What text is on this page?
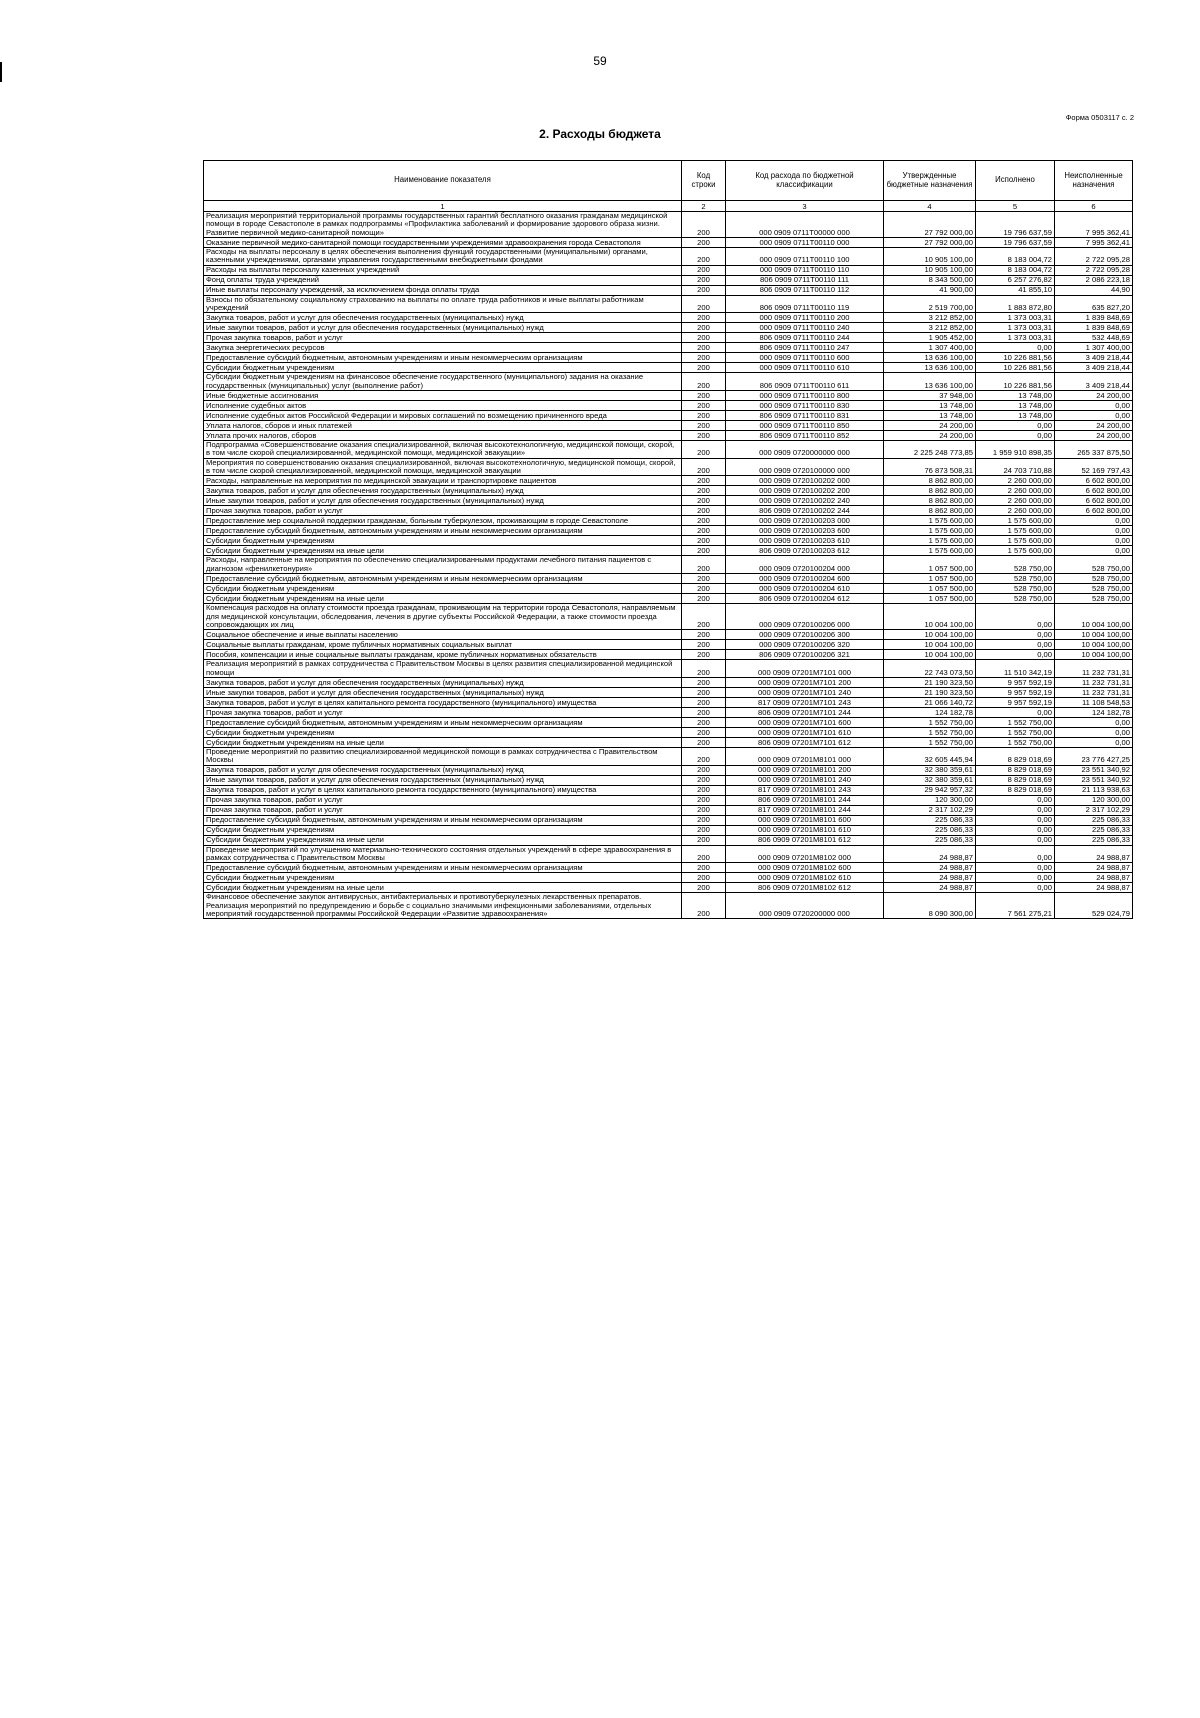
59
Форма 0503117 с. 2
2. Расходы бюджета
Наименование показателя	Код строки	Код расхода по бюджетной классификации	Утвержденные бюджетные назначения	Исполнено	Неисполненные назначения
1	2	3	4	5	6
Реализация мероприятий территориальной программы государственных гарантий бесплатного оказания гражданам медицинской помощи в городе Севастополе в рамках подпрограммы «Профилактика заболеваний и формирование здорового образа жизни. Развитие первичной медико-санитарной помощи»	200	000 0909 0711T00000 000	27 792 000,00	19 796 637,59	7 995 362,41
Оказание первичной медико-санитарной помощи государственными учреждениями здравоохранения города Севастополя	200	000 0909 0711T00110 000	27 792 000,00	19 796 637,59	7 995 362,41
Расходы на выплаты персоналу в целях обеспечения выполнения функций государственными (муниципальными) органами, казенными учреждениями, органами управления государственными внебюджетными фондами	200	000 0909 0711T00110 100	10 905 100,00	8 183 004,72	2 722 095,28
Расходы на выплаты персоналу казенных учреждений	200	000 0909 0711T00110 110	10 905 100,00	8 183 004,72	2 722 095,28
Фонд оплаты труда учреждений	200	806 0909 0711T00110 111	8 343 500,00	6 257 276,82	2 086 223,18
Иные выплаты персоналу учреждений, за исключением фонда оплаты труда	200	806 0909 0711T00110 112	41 900,00	41 855,10	44,90
Взносы по обязательному социальному страхованию на выплаты по оплате труда работников и иные выплаты работникам учреждений	200	806 0909 0711T00110 119	2 519 700,00	1 883 872,80	635 827,20
Закупка товаров, работ и услуг для обеспечения государственных (муниципальных) нужд	200	000 0909 0711T00110 200	3 212 852,00	1 373 003,31	1 839 848,69
Иные закупки товаров, работ и услуг для обеспечения государственных (муниципальных) нужд	200	000 0909 0711T00110 240	3 212 852,00	1 373 003,31	1 839 848,69
Прочая закупка товаров, работ и услуг	200	806 0909 0711T00110 244	1 905 452,00	1 373 003,31	532 448,69
Закупка энергетических ресурсов	200	806 0909 0711T00110 247	1 307 400,00	0,00	1 307 400,00
Предоставление субсидий бюджетным, автономным учреждениям и иным некоммерческим организациям	200	000 0909 0711T00110 600	13 636 100,00	10 226 881,56	3 409 218,44
Субсидии бюджетным учреждениям	200	000 0909 0711T00110 610	13 636 100,00	10 226 881,56	3 409 218,44
Субсидии бюджетным учреждениям на финансовое обеспечение государственного (муниципального) задания на оказание государственных (муниципальных) услуг (выполнение работ)	200	806 0909 0711T00110 611	13 636 100,00	10 226 881,56	3 409 218,44
Иные бюджетные ассигнования	200	000 0909 0711T00110 800	37 948,00	13 748,00	24 200,00
Исполнение судебных актов	200	000 0909 0711T00110 830	13 748,00	13 748,00	0,00
Исполнение судебных актов Российской Федерации и мировых соглашений по возмещению причиненного вреда	200	806 0909 0711T00110 831	13 748,00	13 748,00	0,00
Уплата налогов, сборов и иных платежей	200	000 0909 0711T00110 850	24 200,00	0,00	24 200,00
Уплата прочих налогов, сборов	200	806 0909 0711T00110 852	24 200,00	0,00	24 200,00
Подпрограмма «Совершенствование оказания специализированной, включая высокотехнологичную, медицинской помощи, скорой, в том числе скорой специализированной, медицинской помощи, медицинской эвакуации»	200	000 0909 0720000000 000	2 225 248 773,85	1 959 910 898,35	265 337 875,50
Мероприятия по совершенствованию оказания специализированной, включая высокотехнологичную, медицинской помощи, скорой, в том числе скорой специализированной, медицинской помощи, медицинской эвакуации	200	000 0909 0720100000 000	76 873 508,31	24 703 710,88	52 169 797,43
Расходы, направленные на мероприятия по медицинской эвакуации и транспортировке пациентов	200	000 0909 0720100202 000	8 862 800,00	2 260 000,00	6 602 800,00
Закупка товаров, работ и услуг для обеспечения государственных (муниципальных) нужд	200	000 0909 0720100202 200	8 862 800,00	2 260 000,00	6 602 800,00
Иные закупки товаров, работ и услуг для обеспечения государственных (муниципальных) нужд	200	000 0909 0720100202 240	8 862 800,00	2 260 000,00	6 602 800,00
Прочая закупка товаров, работ и услуг	200	806 0909 0720100202 244	8 862 800,00	2 260 000,00	6 602 800,00
Предоставление мер социальной поддержки гражданам, больным туберкулезом, проживающим в городе Севастополе	200	000 0909 0720100203 000	1 575 600,00	1 575 600,00	0,00
Предоставление субсидий бюджетным, автономным учреждениям и иным некоммерческим организациям	200	000 0909 0720100203 600	1 575 600,00	1 575 600,00	0,00
Субсидии бюджетным учреждениям	200	000 0909 0720100203 610	1 575 600,00	1 575 600,00	0,00
Субсидии бюджетным учреждениям на иные цели	200	806 0909 0720100203 612	1 575 600,00	1 575 600,00	0,00
Расходы, направленные на мероприятия по обеспечению специализированными продуктами лечебного питания пациентов с диагнозом «фенилкетонурия»	200	000 0909 0720100204 000	1 057 500,00	528 750,00	528 750,00
Предоставление субсидий бюджетным, автономным учреждениям и иным некоммерческим организациям	200	000 0909 0720100204 600	1 057 500,00	528 750,00	528 750,00
Субсидии бюджетным учреждениям	200	000 0909 0720100204 610	1 057 500,00	528 750,00	528 750,00
Субсидии бюджетным учреждениям на иные цели	200	806 0909 0720100204 612	1 057 500,00	528 750,00	528 750,00
Компенсация расходов на оплату стоимости проезда гражданам, проживающим на территории города Севастополя, направляемым для медицинской консультации, обследования, лечения в другие субъекты Российской Федерации, а также стоимости проезда сопровождающих их лиц	200	000 0909 0720100206 000	10 004 100,00	0,00	10 004 100,00
Социальное обеспечение и иные выплаты населению	200	000 0909 0720100206 300	10 004 100,00	0,00	10 004 100,00
Социальные выплаты гражданам, кроме публичных нормативных социальных выплат	200	000 0909 0720100206 320	10 004 100,00	0,00	10 004 100,00
Пособия, компенсации и иные социальные выплаты гражданам, кроме публичных нормативных обязательств	200	806 0909 0720100206 321	10 004 100,00	0,00	10 004 100,00
Реализация мероприятий в рамках сотрудничества с Правительством Москвы в целях развития специализированной медицинской помощи	200	000 0909 07201M7101 000	22 743 073,50	11 510 342,19	11 232 731,31
Закупка товаров, работ и услуг для обеспечения государственных (муниципальных) нужд	200	000 0909 07201M7101 200	21 190 323,50	9 957 592,19	11 232 731,31
Иные закупки товаров, работ и услуг для обеспечения государственных (муниципальных) нужд	200	000 0909 07201M7101 240	21 190 323,50	9 957 592,19	11 232 731,31
Закупка товаров, работ и услуг в целях капитального ремонта государственного (муниципального) имущества	200	817 0909 07201M7101 243	21 066 140,72	9 957 592,19	11 108 548,53
Прочая закупка товаров, работ и услуг	200	806 0909 07201M7101 244	124 182,78	0,00	124 182,78
Предоставление субсидий бюджетным, автономным учреждениям и иным некоммерческим организациям	200	000 0909 07201M7101 600	1 552 750,00	1 552 750,00	0,00
Субсидии бюджетным учреждениям	200	000 0909 07201M7101 610	1 552 750,00	1 552 750,00	0,00
Субсидии бюджетным учреждениям на иные цели	200	806 0909 07201M7101 612	1 552 750,00	1 552 750,00	0,00
Проведение мероприятий по развитию специализированной медицинской помощи в рамках сотрудничества с Правительством Москвы	200	000 0909 07201M8101 000	32 605 445,94	8 829 018,69	23 776 427,25
Закупка товаров, работ и услуг для обеспечения государственных (муниципальных) нужд	200	000 0909 07201M8101 200	32 380 359,61	8 829 018,69	23 551 340,92
Иные закупки товаров, работ и услуг для обеспечения государственных (муниципальных) нужд	200	000 0909 07201M8101 240	32 380 359,61	8 829 018,69	23 551 340,92
Закупка товаров, работ и услуг в целях капитального ремонта государственного (муниципального) имущества	200	817 0909 07201M8101 243	29 942 957,32	8 829 018,69	21 113 938,63
Прочая закупка товаров, работ и услуг	200	806 0909 07201M8101 244	120 300,00	0,00	120 300,00
Прочая закупка товаров, работ и услуг	200	817 0909 07201M8101 244	2 317 102,29	0,00	2 317 102,29
Предоставление субсидий бюджетным, автономным учреждениям и иным некоммерческим организациям	200	000 0909 07201M8101 600	225 086,33	0,00	225 086,33
Субсидии бюджетным учреждениям	200	000 0909 07201M8101 610	225 086,33	0,00	225 086,33
Субсидии бюджетным учреждениям на иные цели	200	806 0909 07201M8101 612	225 086,33	0,00	225 086,33
Проведение мероприятий по улучшению материально-технического состояния отдельных учреждений в сфере здравоохранения в рамках сотрудничества с Правительством Москвы	200	000 0909 07201M8102 000	24 988,87	0,00	24 988,87
Предоставление субсидий бюджетным, автономным учреждениям и иным некоммерческим организациям	200	000 0909 07201M8102 600	24 988,87	0,00	24 988,87
Субсидии бюджетным учреждениям	200	000 0909 07201M8102 610	24 988,87	0,00	24 988,87
Субсидии бюджетным учреждениям на иные цели	200	806 0909 07201M8102 612	24 988,87	0,00	24 988,87
Финансовое обеспечение закупок антивирусных, антибактериальных и противотуберкулезных лекарственных препаратов. Реализация мероприятий по предупреждению и борьбе с социально значимыми инфекционными заболеваниями, отдельных мероприятий государственной программы Российской Федерации «Развитие здравоохранения»	200	000 0909 0720200000 000	8 090 300,00	7 561 275,21	529 024,79
